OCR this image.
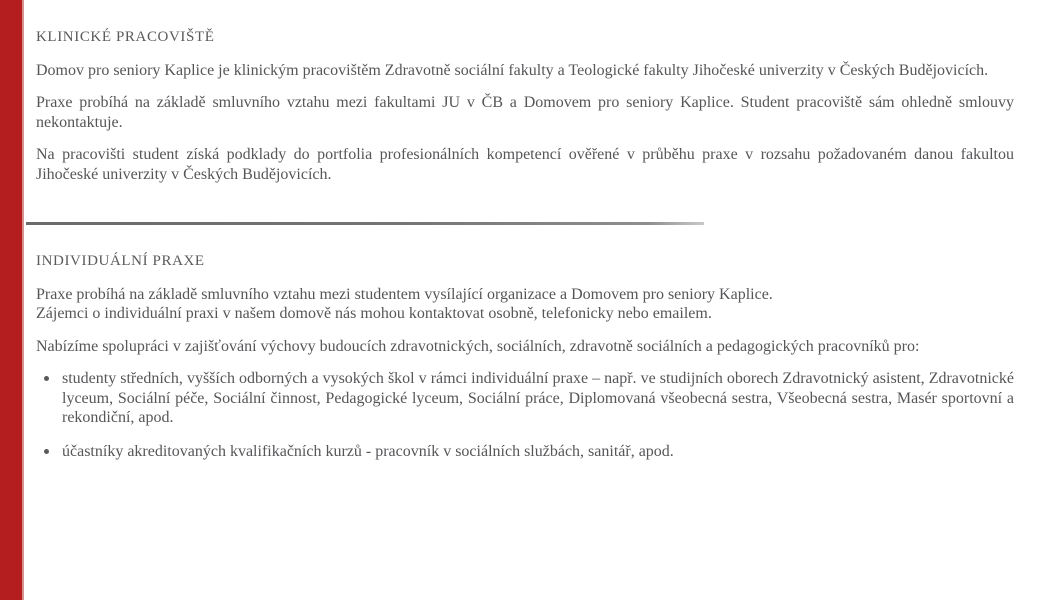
KLINICKÉ PRACOVIŠTĚ

Domov pro seniory Kaplice je klinickým pracovištěm Zdravotně sociální fakulty a Teologické fakulty Jihočeské univerzity v Českých Budějovicích.

Praxe probíhá na základě smluvního vztahu mezi fakultami JU v ČB a Domovem pro seniory Kaplice. Student pracoviště sám ohledně smlouvy nekontaktuje.

Na pracovišti student získá podklady do portfolia profesionálních kompetencí ověřené v průběhu praxe v rozsahu požadovaném danou fakultou Jihočeské univerzity v Českých Budějovicích.

INDIVIDUÁLNÍ PRAXE

Praxe probíhá na základě smluvního vztahu mezi studentem vysílající organizace a Domovem pro seniory Kaplice.
Zájemci o individuální praxi v našem domově nás mohou kontaktovat osobně, telefonicky nebo emailem.

Nabízíme spolupráci v zajišťování výchovy budoucích zdravotnických, sociálních, zdravotně sociálních a pedagogických pracovníků pro:

studenty středních, vyšších odborných a vysokých škol v rámci individuální praxe – např. ve studijních oborech Zdravotnický asistent, Zdravotnické lyceum, Sociální péče, Sociální činnost, Pedagogické lyceum, Sociální práce, Diplomovaná všeobecná sestra, Všeobecná sestra, Masér sportovní a rekondiční, apod.
účastníky akreditovaných kvalifikačních kurzů - pracovník v sociálních službách, sanitář, apod.
